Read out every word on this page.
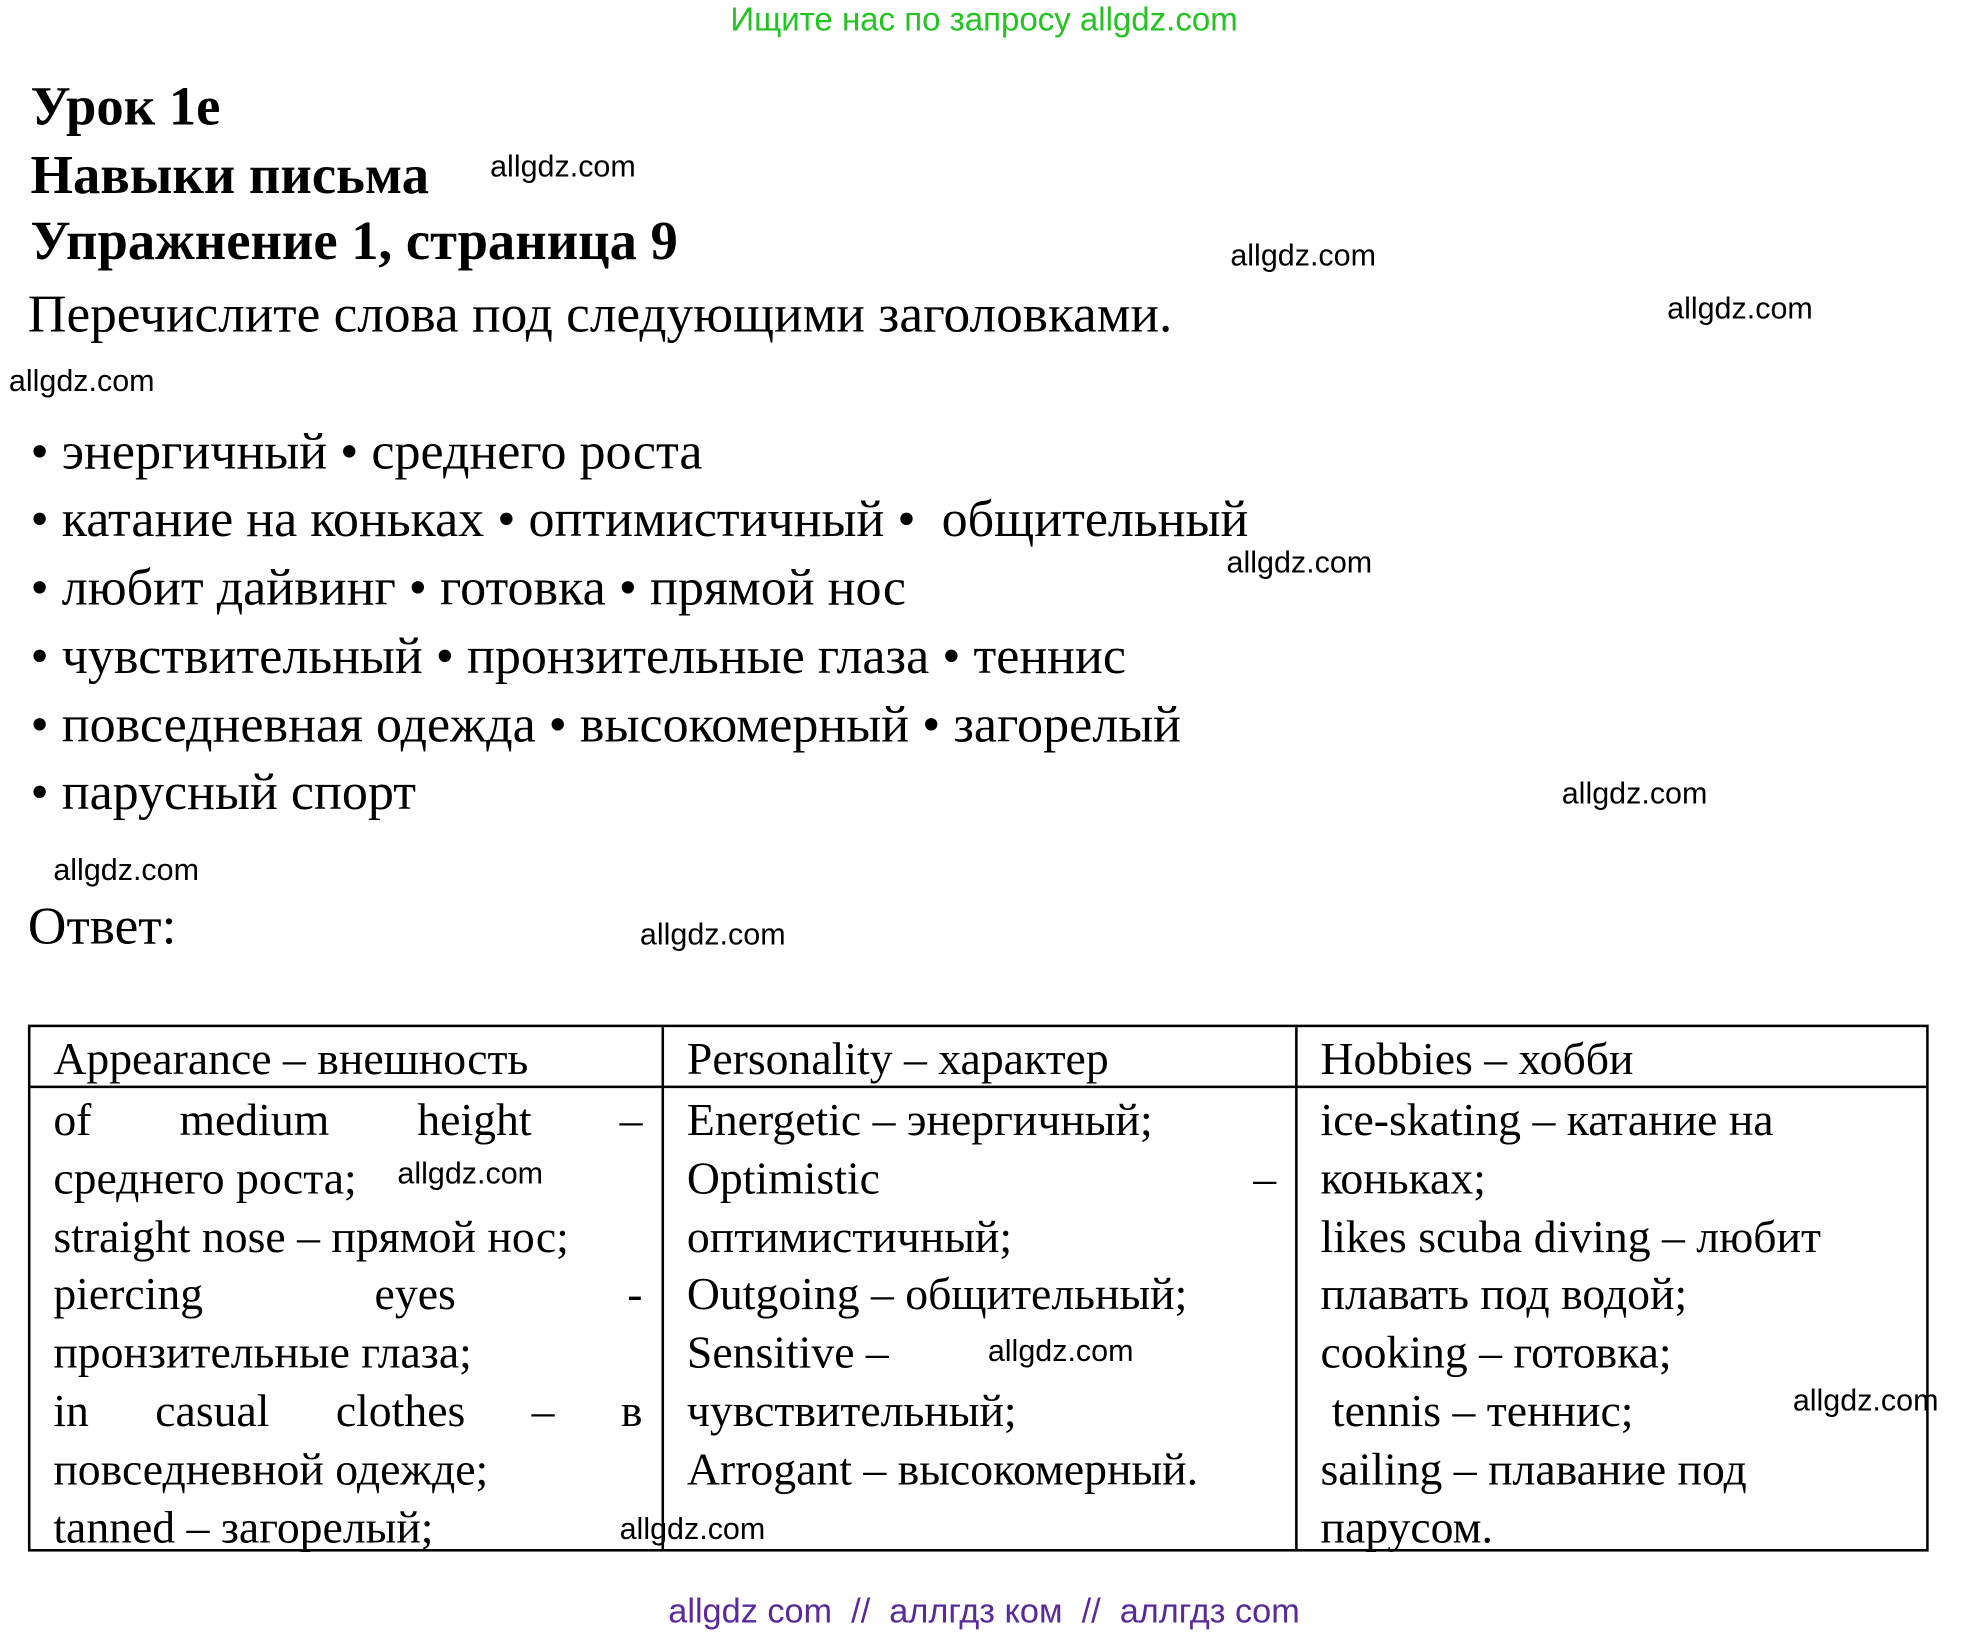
Ищите нас по запросу allgdz.com
Урок 1e
Навыки письма
Упражнение 1, страница 9
Перечислите слова под следующими заголовками.
• энергичный • среднего роста
• катание на коньках • оптимистичный •  общительный
• любит дайвинг • готовка • прямой нос
• чувствительный • пронзительные глаза • теннис
• повседневная одежда • высокомерный • загорелый
• парусный спорт
Ответ:
Appearance – внешность
of medium height –
среднего роста;
straight nose – прямой нос;
piercing eyes -
пронзительные глаза;
in casual clothes – в
повседневной одежде;
tanned – загорелый;
Personality – характер
Energetic – энергичный;
Optimistic –
оптимистичный;
Outgoing – общительный;
Sensitive –
чувствительный;
Arrogant – высокомерный.
Hobbies – хобби
ice-skating – катание на
коньках;
likes scuba diving – любит
плавать под водой;
cooking – готовка;
tennis – теннис;
sailing – плавание под
парусом.
allgdz.com
allgdz.com
allgdz.com
allgdz.com
allgdz.com
allgdz.com
allgdz.com
allgdz.com
allgdz.com
allgdz.com
allgdz.com
allgdz.com
allgdz com  //  аллгдз ком  //  аллгдз com
